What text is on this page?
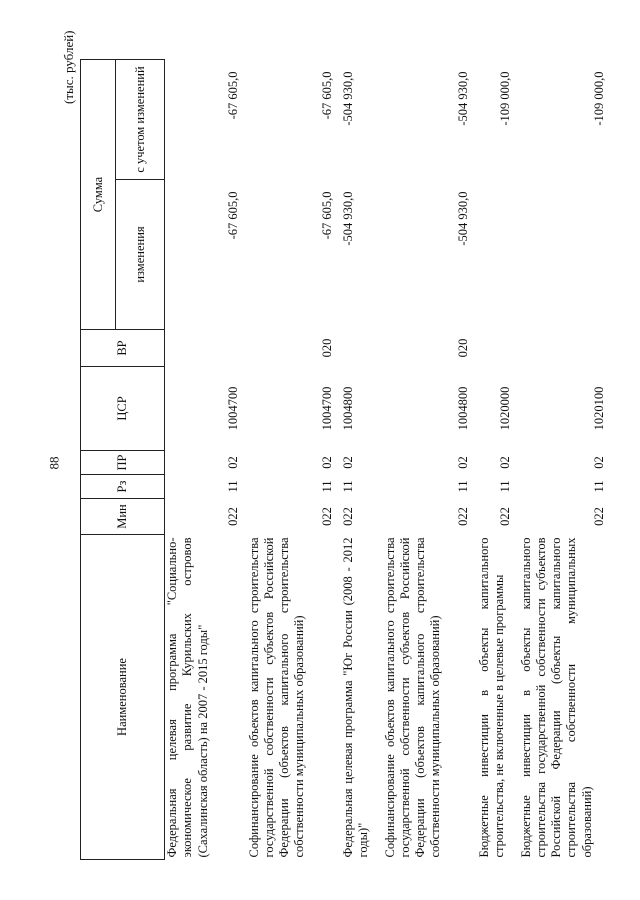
88
(тыс. рублей)
Наименование	Мин	Рз	ПР	ЦСР	ВР	Сумма	
						изменения	с учетом изменений
Федеральная целевая программа "Социально-экономическое развитие Курильских островов (Сахалинская область) на 2007 - 2015 годы"	022	11	02	1004700		-67 605,0	-67 605,0
Софинансирование объектов капитального строительства государственной собственности субъектов Российской Федерации (объектов капитального строительства собственности муниципальных образований)	022	11	02	1004700	020	-67 605,0	-67 605,0
Федеральная целевая программа "Юг России (2008 - 2012 годы)"	022	11	02	1004800		-504 930,0	-504 930,0
Софинансирование объектов капитального строительства государственной собственности субъектов Российской Федерации (объектов капитального строительства собственности муниципальных образований)	022	11	02	1004800	020	-504 930,0	-504 930,0
Бюджетные инвестиции в объекты капитального строительства, не включенные в целевые программы	022	11	02	1020000			-109 000,0
Бюджетные инвестиции в объекты капитального строительства государственной собственности субъектов Российской Федерации (объекты капитального строительства собственности муниципальных образований)	022	11	02	1020100			-109 000,0
